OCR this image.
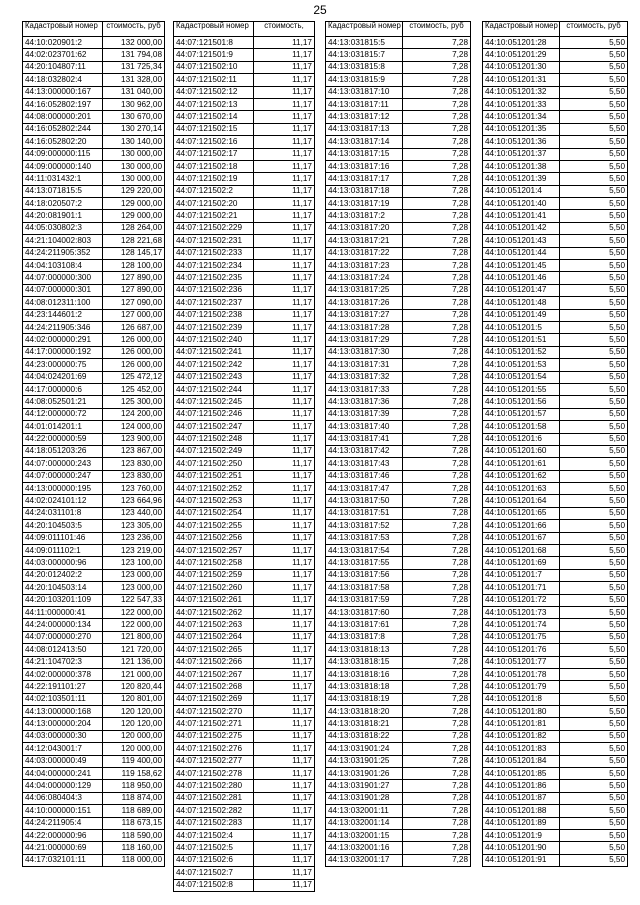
25
Кадастровый номер	стоимость, руб
44:10:020901:2	132 000,00
44:02:023701:62	131 794,08
44:20:104807:11	131 725,34
44:18:032802:4	131 328,00
44:13:000000:167	131 040,00
44:16:052802:197	130 962,00
44:08:000000:201	130 670,00
44:16:052802:244	130 270,14
44:16:052802:20	130 140,00
44:09:000000:115	130 000,00
44:09:000000:140	130 000,00
44:11:031432:1	130 000,00
44:13:071815:5	129 220,00
44:18:020507:2	129 000,00
44:20:081901:1	129 000,00
44:05:030802:3	128 264,00
44:21:104002:803	128 221,68
44:24:211905:352	128 145,17
44:04:103108:4	128 100,00
44:07:000000:300	127 890,00
44:07:000000:301	127 890,00
44:08:012311:100	127 090,00
44:23:144601:2	127 000,00
44:24:211905:346	126 687,00
44:02:000000:291	126 000,00
44:17:000000:192	126 000,00
44:23:000000:75	126 000,00
44:04:024201:69	125 472,12
44:17:000000:6	125 452,00
44:08:052501:21	125 300,00
44:12:000000:72	124 200,00
44:01:014201:1	124 000,00
44:22:000000:59	123 900,00
44:18:051203:26	123 867,00
44:07:000000:243	123 830,00
44:07:000000:247	123 830,00
44:13:000000:195	123 760,00
44:02:024101:12	123 664,96
44:24:031101:8	123 440,00
44:20:104503:5	123 305,00
44:09:011101:46	123 236,00
44:09:011102:1	123 219,00
44:03:000000:96	123 100,00
44:20:012402:2	123 000,00
44:20:104503:14	123 000,00
44:20:103201:109	122 547,33
44:11:000000:41	122 000,00
44:24:000000:134	122 000,00
44:07:000000:270	121 800,00
44:08:012413:50	121 720,00
44:21:104702:3	121 136,00
44:02:000000:378	121 000,00
44:22:191101:27	120 820,44
44:02:103501:11	120 801,00
44:13:000000:168	120 120,00
44:13:000000:204	120 120,00
44:03:000000:30	120 000,00
44:12:043001:7	120 000,00
44:03:000000:49	119 400,00
44:04:000000:241	119 158,62
44:04:000000:129	118 950,00
44:06:080404:3	118 874,00
44:10:000000:151	118 689,00
44:24:211905:4	118 673,15
44:22:000000:96	118 590,00
44:21:000000:69	118 160,00
44:17:032101:11	118 000,00
Кадастровый номер	стоимость,
44:07:121501:8	11,17
44:07:121501:9	11,17
44:07:121502:10	11,17
44:07:121502:11	11,17
44:07:121502:12	11,17
44:07:121502:13	11,17
44:07:121502:14	11,17
44:07:121502:15	11,17
44:07:121502:16	11,17
44:07:121502:17	11,17
44:07:121502:18	11,17
44:07:121502:19	11,17
44:07:121502:2	11,17
44:07:121502:20	11,17
44:07:121502:21	11,17
44:07:121502:229	11,17
44:07:121502:231	11,17
44:07:121502:233	11,17
44:07:121502:234	11,17
44:07:121502:235	11,17
44:07:121502:236	11,17
44:07:121502:237	11,17
44:07:121502:238	11,17
44:07:121502:239	11,17
44:07:121502:240	11,17
44:07:121502:241	11,17
44:07:121502:242	11,17
44:07:121502:243	11,17
44:07:121502:244	11,17
44:07:121502:245	11,17
44:07:121502:246	11,17
44:07:121502:247	11,17
44:07:121502:248	11,17
44:07:121502:249	11,17
44:07:121502:250	11,17
44:07:121502:251	11,17
44:07:121502:252	11,17
44:07:121502:253	11,17
44:07:121502:254	11,17
44:07:121502:255	11,17
44:07:121502:256	11,17
44:07:121502:257	11,17
44:07:121502:258	11,17
44:07:121502:259	11,17
44:07:121502:260	11,17
44:07:121502:261	11,17
44:07:121502:262	11,17
44:07:121502:263	11,17
44:07:121502:264	11,17
44:07:121502:265	11,17
44:07:121502:266	11,17
44:07:121502:267	11,17
44:07:121502:268	11,17
44:07:121502:269	11,17
44:07:121502:270	11,17
44:07:121502:271	11,17
44:07:121502:275	11,17
44:07:121502:276	11,17
44:07:121502:277	11,17
44:07:121502:278	11,17
44:07:121502:280	11,17
44:07:121502:281	11,17
44:07:121502:282	11,17
44:07:121502:283	11,17
44:07:121502:4	11,17
44:07:121502:5	11,17
44:07:121502:6	11,17
44:07:121502:7	11,17
44:07:121502:8	11,17
Кадастровый номер	стоимость, руб
44:13:031815:5	7,28
44:13:031815:7	7,28
44:13:031815:8	7,28
44:13:031815:9	7,28
44:13:031817:10	7,28
44:13:031817:11	7,28
44:13:031817:12	7,28
44:13:031817:13	7,28
44:13:031817:14	7,28
44:13:031817:15	7,28
44:13:031817:16	7,28
44:13:031817:17	7,28
44:13:031817:18	7,28
44:13:031817:19	7,28
44:13:031817:2	7,28
44:13:031817:20	7,28
44:13:031817:21	7,28
44:13:031817:22	7,28
44:13:031817:23	7,28
44:13:031817:24	7,28
44:13:031817:25	7,28
44:13:031817:26	7,28
44:13:031817:27	7,28
44:13:031817:28	7,28
44:13:031817:29	7,28
44:13:031817:30	7,28
44:13:031817:31	7,28
44:13:031817:32	7,28
44:13:031817:33	7,28
44:13:031817:36	7,28
44:13:031817:39	7,28
44:13:031817:40	7,28
44:13:031817:41	7,28
44:13:031817:42	7,28
44:13:031817:43	7,28
44:13:031817:46	7,28
44:13:031817:47	7,28
44:13:031817:50	7,28
44:13:031817:51	7,28
44:13:031817:52	7,28
44:13:031817:53	7,28
44:13:031817:54	7,28
44:13:031817:55	7,28
44:13:031817:56	7,28
44:13:031817:58	7,28
44:13:031817:59	7,28
44:13:031817:60	7,28
44:13:031817:61	7,28
44:13:031817:8	7,28
44:13:031818:13	7,28
44:13:031818:15	7,28
44:13:031818:16	7,28
44:13:031818:18	7,28
44:13:031818:19	7,28
44:13:031818:20	7,28
44:13:031818:21	7,28
44:13:031818:22	7,28
44:13:031901:24	7,28
44:13:031901:25	7,28
44:13:031901:26	7,28
44:13:031901:27	7,28
44:13:031901:28	7,28
44:13:032001:11	7,28
44:13:032001:14	7,28
44:13:032001:15	7,28
44:13:032001:16	7,28
44:13:032001:17	7,28
Кадастровый номер	стоимость, руб
44:10:051201:28	5,50
44:10:051201:29	5,50
44:10:051201:30	5,50
44:10:051201:31	5,50
44:10:051201:32	5,50
44:10:051201:33	5,50
44:10:051201:34	5,50
44:10:051201:35	5,50
44:10:051201:36	5,50
44:10:051201:37	5,50
44:10:051201:38	5,50
44:10:051201:39	5,50
44:10:051201:4	5,50
44:10:051201:40	5,50
44:10:051201:41	5,50
44:10:051201:42	5,50
44:10:051201:43	5,50
44:10:051201:44	5,50
44:10:051201:45	5,50
44:10:051201:46	5,50
44:10:051201:47	5,50
44:10:051201:48	5,50
44:10:051201:49	5,50
44:10:051201:5	5,50
44:10:051201:51	5,50
44:10:051201:52	5,50
44:10:051201:53	5,50
44:10:051201:54	5,50
44:10:051201:55	5,50
44:10:051201:56	5,50
44:10:051201:57	5,50
44:10:051201:58	5,50
44:10:051201:6	5,50
44:10:051201:60	5,50
44:10:051201:61	5,50
44:10:051201:62	5,50
44:10:051201:63	5,50
44:10:051201:64	5,50
44:10:051201:65	5,50
44:10:051201:66	5,50
44:10:051201:67	5,50
44:10:051201:68	5,50
44:10:051201:69	5,50
44:10:051201:7	5,50
44:10:051201:71	5,50
44:10:051201:72	5,50
44:10:051201:73	5,50
44:10:051201:74	5,50
44:10:051201:75	5,50
44:10:051201:76	5,50
44:10:051201:77	5,50
44:10:051201:78	5,50
44:10:051201:79	5,50
44:10:051201:8	5,50
44:10:051201:80	5,50
44:10:051201:81	5,50
44:10:051201:82	5,50
44:10:051201:83	5,50
44:10:051201:84	5,50
44:10:051201:85	5,50
44:10:051201:86	5,50
44:10:051201:87	5,50
44:10:051201:88	5,50
44:10:051201:89	5,50
44:10:051201:9	5,50
44:10:051201:90	5,50
44:10:051201:91	5,50
